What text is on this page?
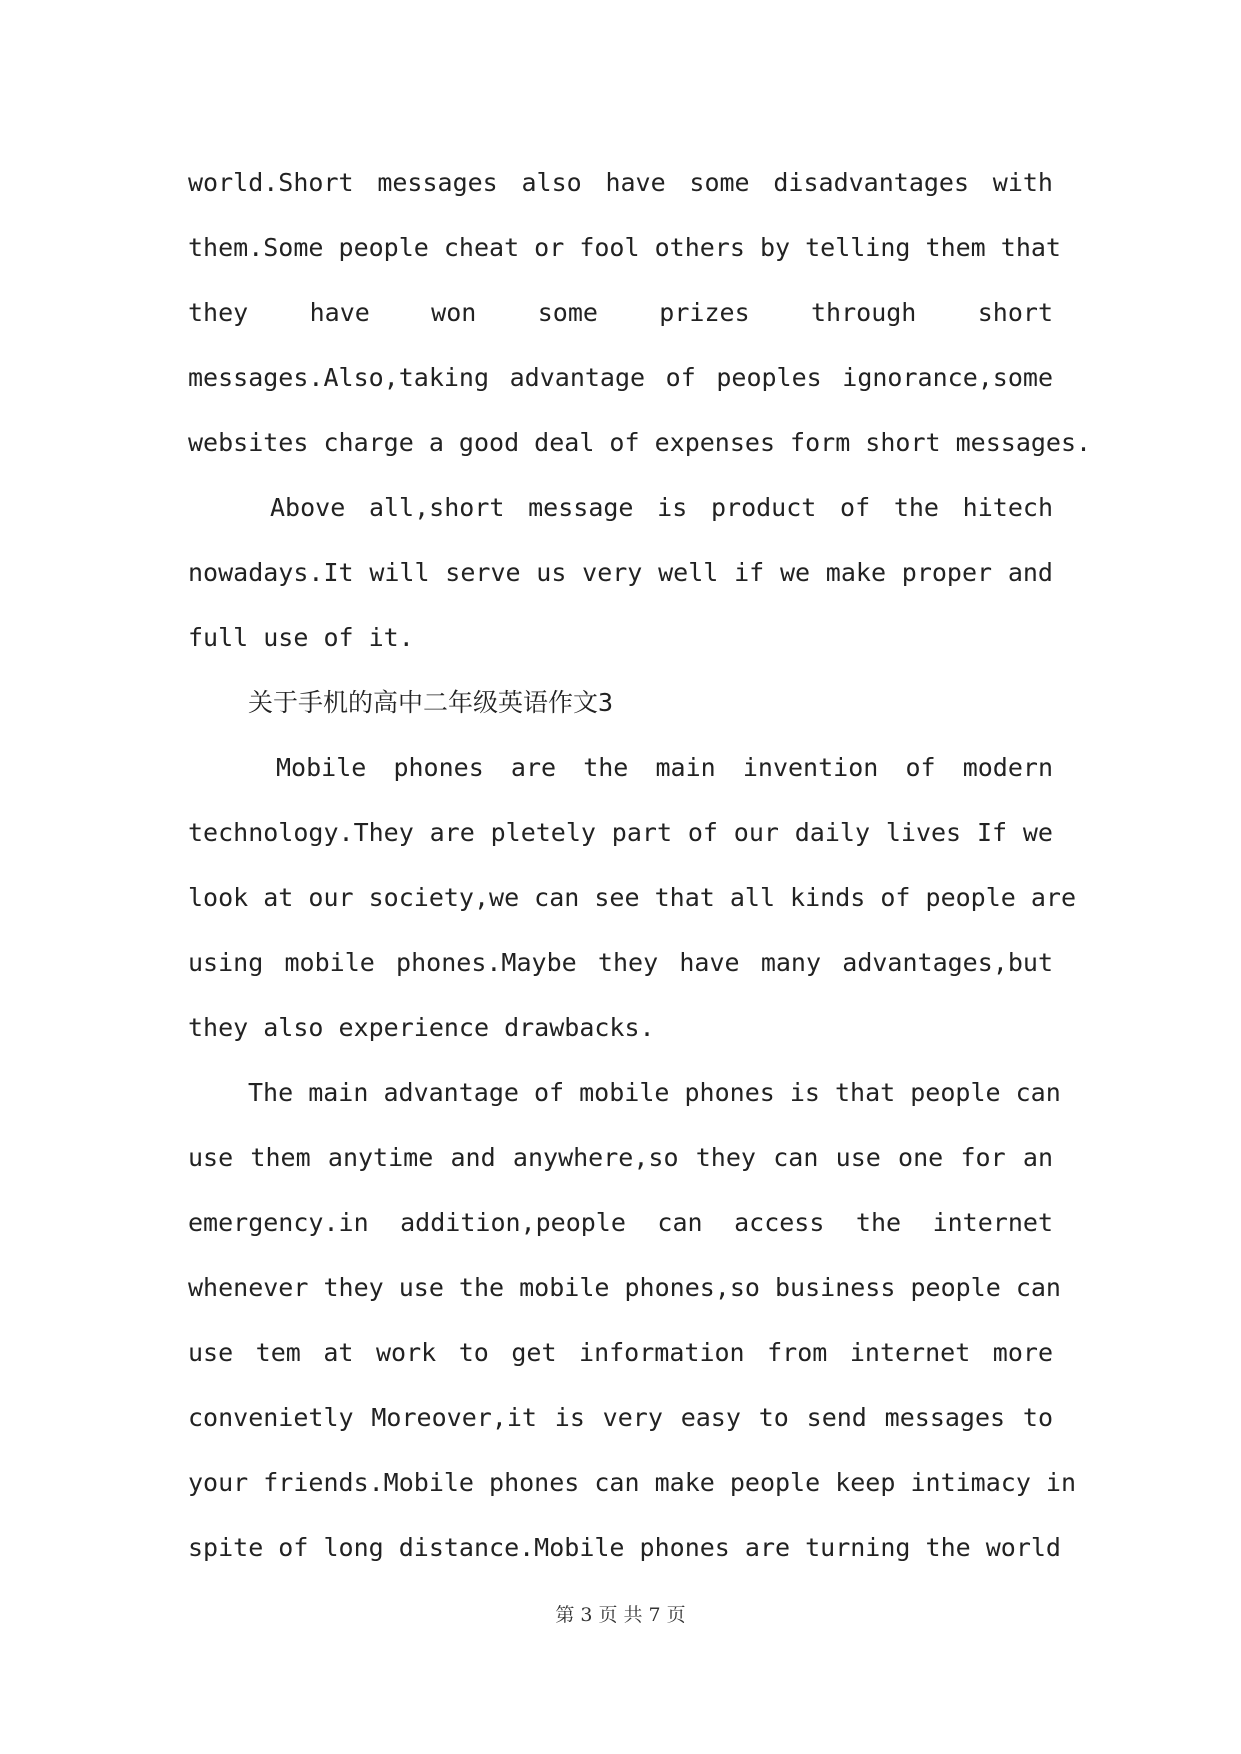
world.Short messages also have some disadvantages with

them.Some people cheat or fool others by telling them that

they have won some prizes through short

messages.Also,taking advantage of peoples ignorance,some

websites charge a good deal of expenses form short messages.

Above all,short message is product of the hitech

nowadays.It will serve us very well if we make proper and

full use of it.

关于手机的高中二年级英语作文3

Mobile phones are the main invention of modern

technology.They are pletely part of our daily lives If we

look at our society,we can see that all kinds of people are

using mobile phones.Maybe they have many advantages,but

they also experience drawbacks.

The main advantage of mobile phones is that people can

use them anytime and anywhere,so they can use one for an

emergency.in addition,people can access the internet

whenever they use the mobile phones,so business people can

use tem at work to get information from internet more

convenietly Moreover,it is very easy to send messages to

your friends.Mobile phones can make people keep intimacy in

spite of long distance.Mobile phones are turning the world

第 3 页 共 7 页
